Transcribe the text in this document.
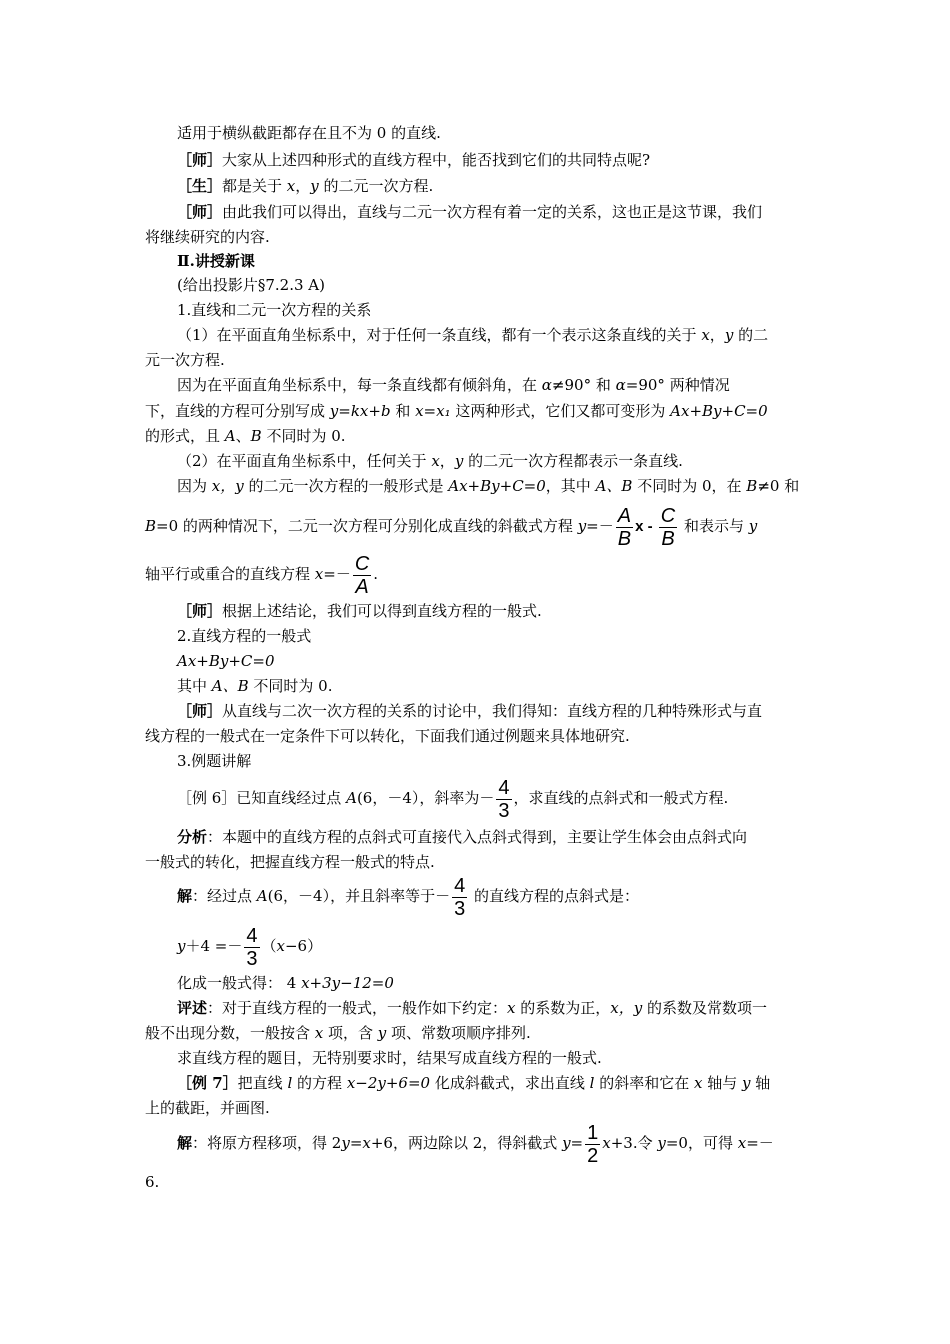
适用于横纵截距都存在且不为 0 的直线.
［师］大家从上述四种形式的直线方程中，能否找到它们的共同特点呢?
［生］都是关于 x，y 的二元一次方程.
［师］由此我们可以得出，直线与二元一次方程有着一定的关系，这也正是这节课，我们
将继续研究的内容.
Ⅱ.讲授新课
(给出投影片§7.2.3 A)
1.直线和二元一次方程的关系
（1）在平面直角坐标系中，对于任何一条直线，都有一个表示这条直线的关于 x，y 的二
元一次方程.
因为在平面直角坐标系中，每一条直线都有倾斜角，在 α≠90° 和 α=90° 两种情况
下，直线的方程可分别写成 y=kx+b 和 x=x₁ 这两种形式，它们又都可变形为 Ax+By+C=0
的形式，且 A、B 不同时为 0.
（2）在平面直角坐标系中，任何关于 x，y 的二元一次方程都表示一条直线.
因为 x，y 的二元一次方程的一般形式是 Ax+By+C=0，其中 A、B 不同时为 0，在 B≠0 和
B=0 的两种情况下，二元一次方程可分别化成直线的斜截式方程 $y=- \frac{A}{B}$ x - $\frac{C}{B}$ 和表示与 y
轴平行或重合的直线方程 $x=- \frac{C}{A}$ .
［师］根据上述结论，我们可以得到直线方程的一般式.
2.直线方程的一般式
Ax+By+C=0
其中 A、B 不同时为 0.
［师］从直线与二次一次方程的关系的讨论中，我们得知：直线方程的几种特殊形式与直
线方程的一般式在一定条件下可以转化，下面我们通过例题来具体地研究.
3.例题讲解
［例 6］已知直线经过点 A(6，－4），斜率为－ $\frac{4}{3}$ ，求直线的点斜式和一般式方程.
分析：本题中的直线方程的点斜式可直接代入点斜式得到，主要让学生体会由点斜式向
一般式的转化，把握直线方程一般式的特点.
解：经过点 A(6，－4），并且斜率等于－ $\frac{4}{3}$ 的直线方程的点斜式是：
$y+4 =- \frac{4}{3} (x-6)$
化成一般式得： 4 x+3y−12=0
评述：对于直线方程的一般式，一般作如下约定：x 的系数为正，x，y 的系数及常数项一
般不出现分数，一般按含 x 项，含 y 项、常数项顺序排列.
求直线方程的题目，无特别要求时，结果写成直线方程的一般式.
［例 7］把直线 l 的方程 x−2y+6=0 化成斜截式，求出直线 l 的斜率和它在 x 轴与 y 轴
上的截距，并画图.
解：将原方程移项，得 2y=x+6，两边除以 2，得斜截式 $y= \frac{1}{2} x+3$.令 y=0，可得 x=－
6.
